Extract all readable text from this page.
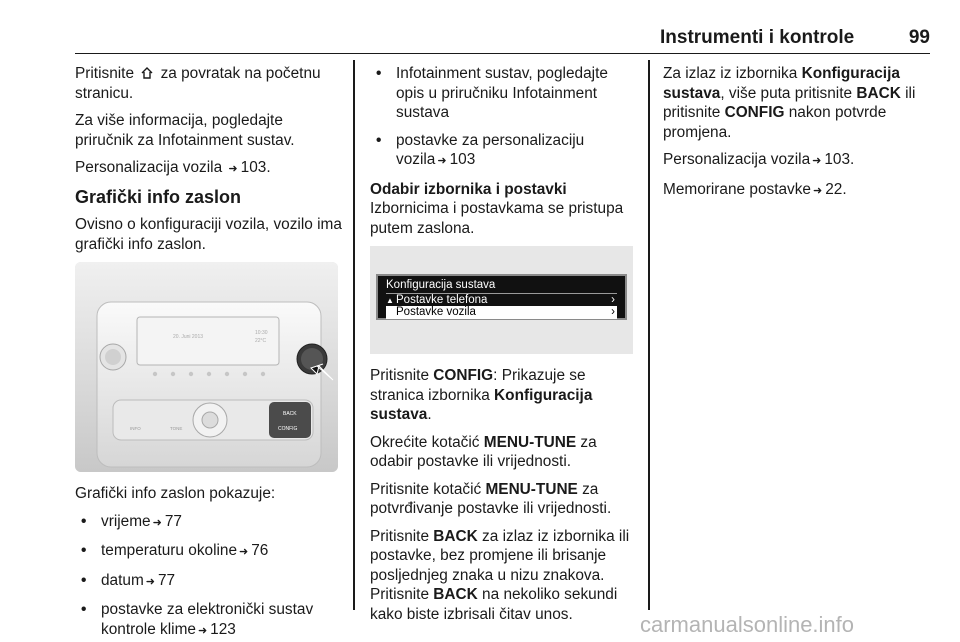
Instrumenti i kontrole	99

Pritisnite za povratak na početnu stranicu.

Za više informacija, pogledajte priručnik za Infotainment sustav.

Personalizacija vozila ➜ 103.

Grafički info zaslon

Ovisno o konfiguraciji vozila, vozilo ima grafički info zaslon.

20. Juni 2013
10:30
22°C
BACK
CONFIG
TONE
INFO

Grafički info zaslon pokazuje:

• vrijeme ➜ 77
• temperaturu okoline ➜ 76
• datum ➜ 77
• postavke za elektronički sustav kontrole klime ➜ 123
• Infotainment sustav, pogledajte opis u priručniku Infotainment sustava
• postavke za personalizaciju vozila ➜ 103
Odabir izbornika i postavki

Izbornicima i postavkama se pristupa putem zaslona.

Konfiguracija sustava
▲ Postavke telefona	›
Postavke vozila	›

Pritisnite CONFIG: Prikazuje se stranica izbornika Konfiguracija sustava.

Okrećite kotačić MENU-TUNE za odabir postavke ili vrijednosti.

Pritisnite kotačić MENU-TUNE za potvrđivanje postavke ili vrijednosti.

Pritisnite BACK za izlaz iz izbornika ili postavke, bez promjene ili brisanje posljednjeg znaka u nizu znakova. Pritisnite BACK na nekoliko sekundi kako biste izbrisali čitav unos.

Za izlaz iz izbornika Konfiguracija sustava, više puta pritisnite BACK ili pritisnite CONFIG nakon potvrde promjena.

Personalizacija vozila ➜ 103.

Memorirane postavke ➜ 22.

carmanualsonline.info
